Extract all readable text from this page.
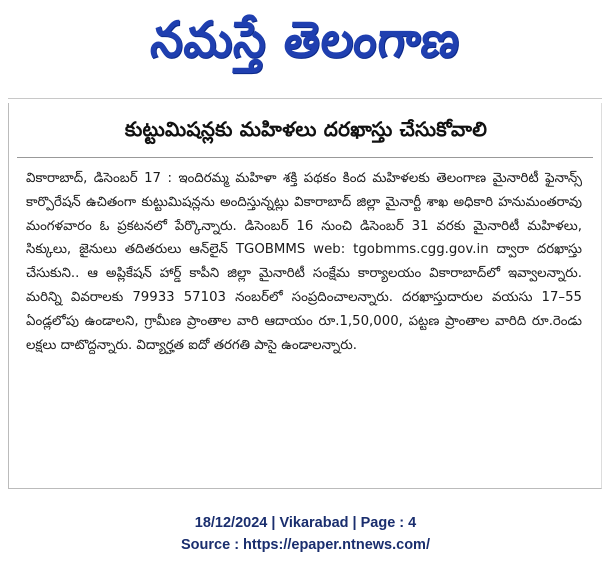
నమస్తే తెలంగాణ
కుట్టుమిషన్లకు మహిళలు దరఖాస్తు చేసుకోవాలి

వికారాబాద్, డిసెంబర్ 17 : ఇందిరమ్మ మహిళా శక్తి పథకం కింద మహిళలకు తెలంగాణ మైనారిటీ ఫైనాన్స్ కార్పొరేషన్ ఉచితంగా కుట్టుమిషన్లను అందిస్తున్నట్లు వికారాబాద్ జిల్లా మైనార్టీ శాఖ అధికారి హనుమంతరావు మంగళవారం ఓ ప్రకటనలో పేర్కొన్నారు. డిసెంబర్ 16 నుంచి డిసెంబర్ 31 వరకు మైనారిటీ మహిళలు, సిక్కులు, జైనులు తదితరులు ఆన్‌లైన్ TGOBMMS web: tgobmms.cgg.gov.in ద్వారా దరఖాస్తు చేసుకుని.. ఆ అప్లికేషన్ హార్డ్ కాపీని జిల్లా మైనారిటీ సంక్షేమ కార్యాలయం వికారాబాద్‌లో ఇవ్వాలన్నారు. మరిన్ని వివరాలకు 79933 57103 నంబర్‌లో సంప్రదించాలన్నారు. దరఖాస్తుదారుల వయసు 17–55 ఏండ్లలోపు ఉండాలని, గ్రామీణ ప్రాంతాల వారి ఆదాయం రూ.1,50,000, పట్టణ ప్రాంతాల వారిది రూ.రెండు లక్షలు దాటొద్దన్నారు. విద్యార్హత ఐదో తరగతి పాసై ఉండాలన్నారు.

18/12/2024 | Vikarabad | Page : 4
Source : https://epaper.ntnews.com/
